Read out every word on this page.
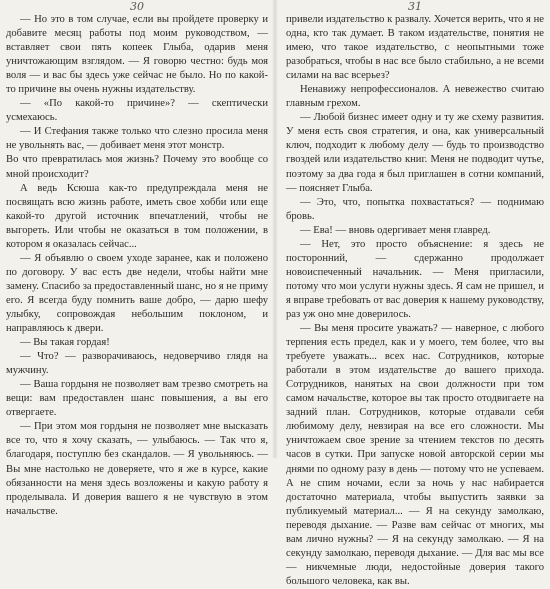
30

— Но это в том случае, если вы пройдете проверку и добавите месяц работы под моим руководством, — вставляет свои пять копеек Глыба, одарив меня уничтожающим взглядом. — Я говорю честно: будь моя воля — и вас бы здесь уже сейчас не было. Но по какой-то причине вы очень нужны издательству.

— «По какой-то причине»? — скептически усмехаюсь.

— И Стефания также только что слезно просила меня не увольнять вас, — добивает меня этот монстр.

Во что превратилась моя жизнь? Почему это вообще со мной происходит?

А ведь Ксюша как-то предупреждала меня не посвящать всю жизнь работе, иметь свое хобби или еще какой-то другой источник впечатлений, чтобы не выгореть. Или чтобы не оказаться в том положении, в котором я оказалась сейчас...

— Я объявлю о своем уходе заранее, как и положено по договору. У вас есть две недели, чтобы найти мне замену. Спасибо за предоставленный шанс, но я не приму его. Я всегда буду помнить ваше добро, — дарю шефу улыбку, сопровождая небольшим поклоном, и направляюсь к двери.

— Вы такая гордая!

— Что? — разворачиваюсь, недоверчиво глядя на мужчину.

— Ваша гордыня не позволяет вам трезво смотреть на вещи: вам предоставлен шанс повышения, а вы его отвергаете.

— При этом моя гордыня не позволяет мне высказать все то, что я хочу сказать, — улыбаюсь. — Так что я, благодаря, поступлю без скандалов. — Я увольняюсь. — Вы мне настолько не доверяете, что я же в курсе, какие обязанности на меня здесь возложены и какую работу я проделывала. И доверия вашего я не чувствую в этом начальстве.

31

привели издательство к развалу. Хочется верить, что я не одна, кто так думает. В таком издательстве, понятия не имею, что такое издательство, с неопытными тоже разобраться, чтобы в нас все было стабильно, а не всеми силами на вас всерьез?

Ненавижу непрофессионалов. А невежество считаю главным грехом.

— Любой бизнес имеет одну и ту же схему развития. У меня есть своя стратегия, и она, как универсальный ключ, подходит к любому делу — будь то производство гвоздей или издательство книг. Меня не подводит чутье, поэтому за два года я был приглашен в сотни компаний, — поясняет Глыба.

— Это, что, попытка похвастаться? — поднимаю бровь.

— Ева! — вновь одергивает меня главред.

— Нет, это просто объяснение: я здесь не посторонний, — сдержанно продолжает новоиспеченный начальник. — Меня пригласили, потому что мои услуги нужны здесь. Я сам не пришел, и я вправе требовать от вас доверия к нашему руководству, раз уж оно мне доверилось.

— Вы меня просите уважать? — наверное, с любого терпения есть предел, как и у моего, тем более, что вы требуете уважать... всех нас. Сотрудников, которые работали в этом издательстве до вашего прихода. Сотрудников, нанятых на свои должности при том самом начальстве, которое вы так просто отодвигаете на задний план. Сотрудников, которые отдавали себя любимому делу, невзирая на все его сложности. Мы уничтожаем свое зрение за чтением текстов по десять часов в сутки. При запуске новой авторской серии мы днями по одному разу в день — потому что не успеваем. А не спим ночами, если за ночь у нас набирается достаточно материала, чтобы выпустить заявки за публикуемый материал... — Я на секунду замолкаю, переводя дыхание. — Разве вам сейчас от многих, мы вам лично нужны? — Я на секунду замолкаю. — Я на секунду замолкаю, переводя дыхание. — Для вас мы все — никчемные люди, недостойные доверия такого большого человека, как вы.
